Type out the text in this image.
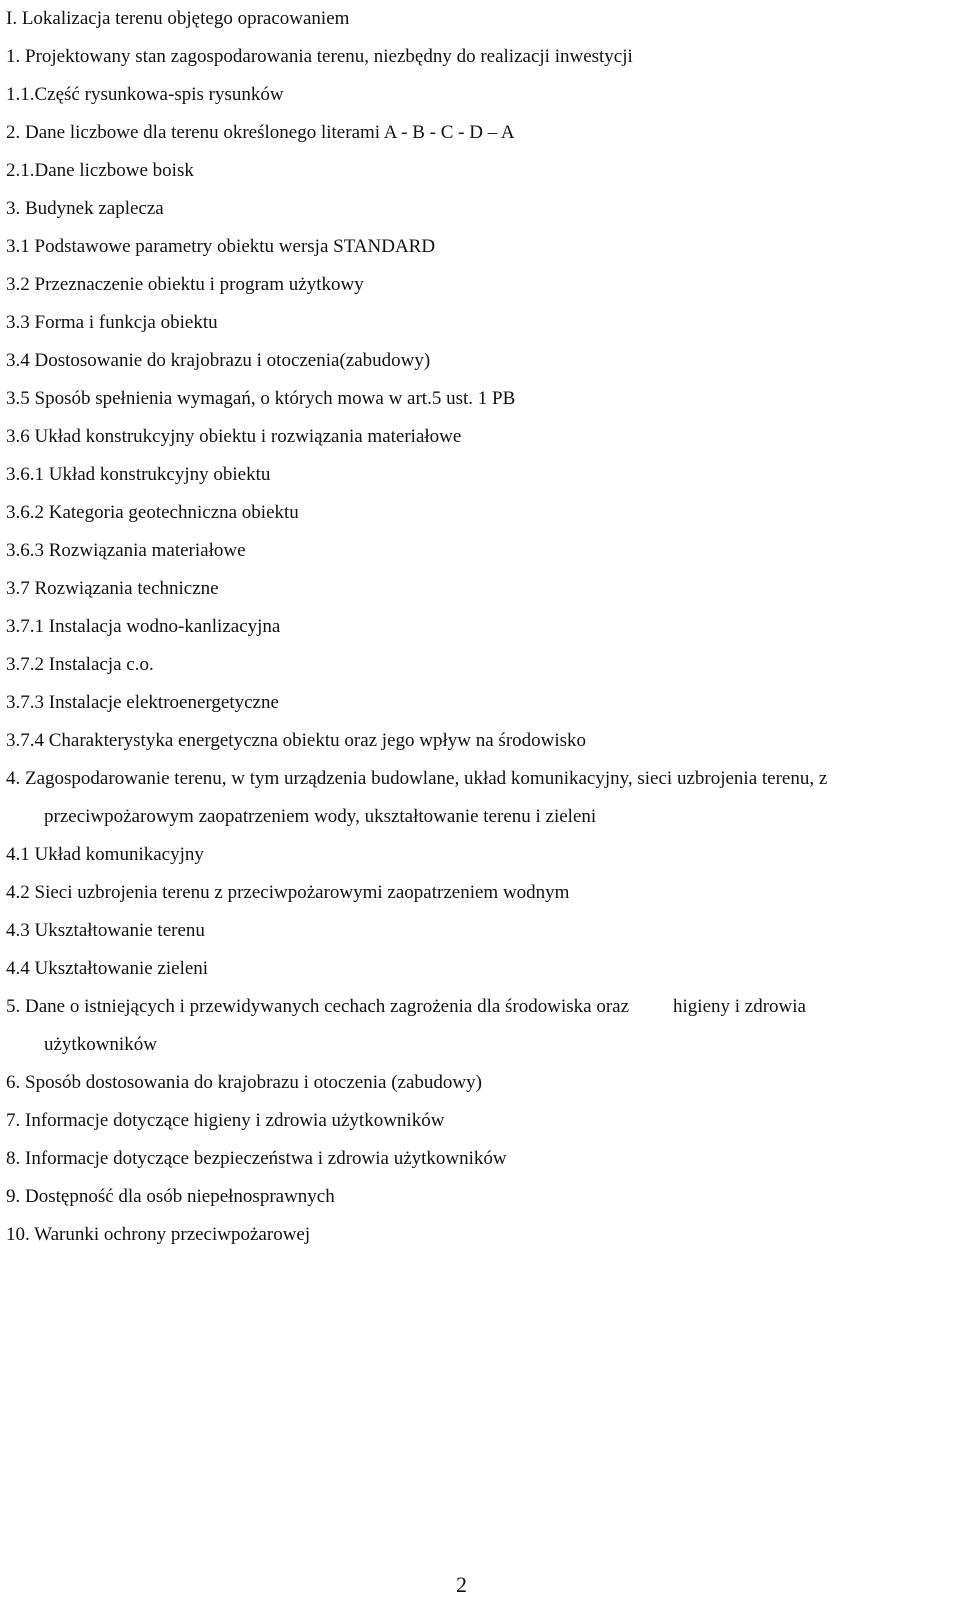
I. Lokalizacja terenu objętego opracowaniem
1. Projektowany stan zagospodarowania terenu, niezbędny do realizacji inwestycji
1.1.Część rysunkowa-spis rysunków
2. Dane liczbowe dla terenu określonego literami A - B - C - D – A
2.1.Dane liczbowe boisk
3. Budynek zaplecza
3.1 Podstawowe parametry obiektu wersja STANDARD
3.2 Przeznaczenie obiektu i program użytkowy
3.3 Forma i funkcja obiektu
3.4 Dostosowanie do krajobrazu i otoczenia(zabudowy)
3.5 Sposób spełnienia wymagań, o których mowa w art.5 ust. 1 PB
3.6 Układ konstrukcyjny obiektu i rozwiązania materiałowe
3.6.1 Układ konstrukcyjny obiektu
3.6.2 Kategoria geotechniczna obiektu
3.6.3 Rozwiązania materiałowe
3.7 Rozwiązania techniczne
3.7.1 Instalacja wodno-kanlizacyjna
3.7.2 Instalacja c.o.
3.7.3 Instalacje elektroenergetyczne
3.7.4 Charakterystyka energetyczna obiektu oraz jego wpływ na środowisko
4. Zagospodarowanie terenu, w tym urządzenia budowlane, układ komunikacyjny, sieci uzbrojenia terenu, z
przeciwpożarowym zaopatrzeniem wody, ukształtowanie terenu i zieleni
4.1 Układ komunikacyjny
4.2 Sieci uzbrojenia terenu z przeciwpożarowymi zaopatrzeniem wodnym
4.3 Ukształtowanie terenu
4.4 Ukształtowanie zieleni
5. Dane o istniejących i przewidywanych cechach zagrożenia dla środowiska oraz higieny i zdrowia
użytkowników
6. Sposób dostosowania do krajobrazu i otoczenia (zabudowy)
7. Informacje dotyczące higieny i zdrowia użytkowników
8. Informacje dotyczące bezpieczeństwa i zdrowia użytkowników
9. Dostępność dla osób niepełnosprawnych
10. Warunki ochrony przeciwpożarowej
2
